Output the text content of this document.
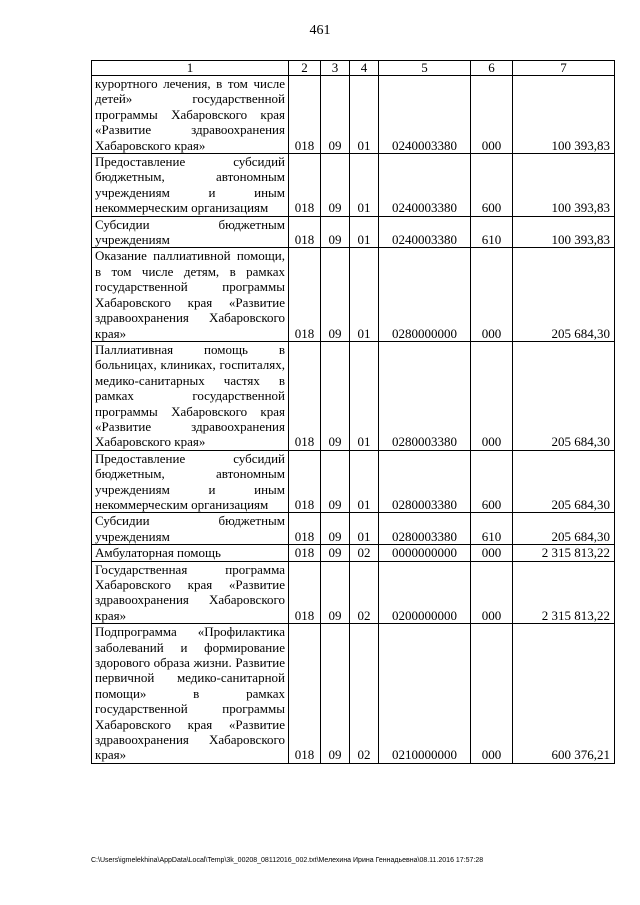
461
1	2	3	4	5	6	7
курортного лечения, в том числе детей» государственной программы Хабаровского края «Развитие здравоохранения Хабаровского края»	018	09	01	0240003380	000	100 393,83
Предоставление субсидий бюджетным, автономным учреждениям и иным некоммерческим организациям	018	09	01	0240003380	600	100 393,83
Субсидии бюджетным учреждениям	018	09	01	0240003380	610	100 393,83
Оказание паллиативной помощи, в том числе детям, в рамках государственной программы Хабаровского края «Развитие здравоохранения Хабаровского края»	018	09	01	0280000000	000	205 684,30
Паллиативная помощь в больницах, клиниках, госпиталях, медико-санитарных частях в рамках государственной программы Хабаровского края «Развитие здравоохранения Хабаровского края»	018	09	01	0280003380	000	205 684,30
Предоставление субсидий бюджетным, автономным учреждениям и иным некоммерческим организациям	018	09	01	0280003380	600	205 684,30
Субсидии бюджетным учреждениям	018	09	01	0280003380	610	205 684,30
Амбулаторная помощь	018	09	02	0000000000	000	2 315 813,22
Государственная программа Хабаровского края «Развитие здравоохранения Хабаровского края»	018	09	02	0200000000	000	2 315 813,22
Подпрограмма «Профилактика заболеваний и формирование здорового образа жизни. Развитие первичной медико-санитарной помощи» в рамках государственной программы Хабаровского края «Развитие здравоохранения Хабаровского края»	018	09	02	0210000000	000	600 376,21
C:\Users\igmelekhina\AppData\Local\Temp\3k_00208_08112016_002.txt\Мелехина Ирина Геннадьевна\08.11.2016 17:57:28
